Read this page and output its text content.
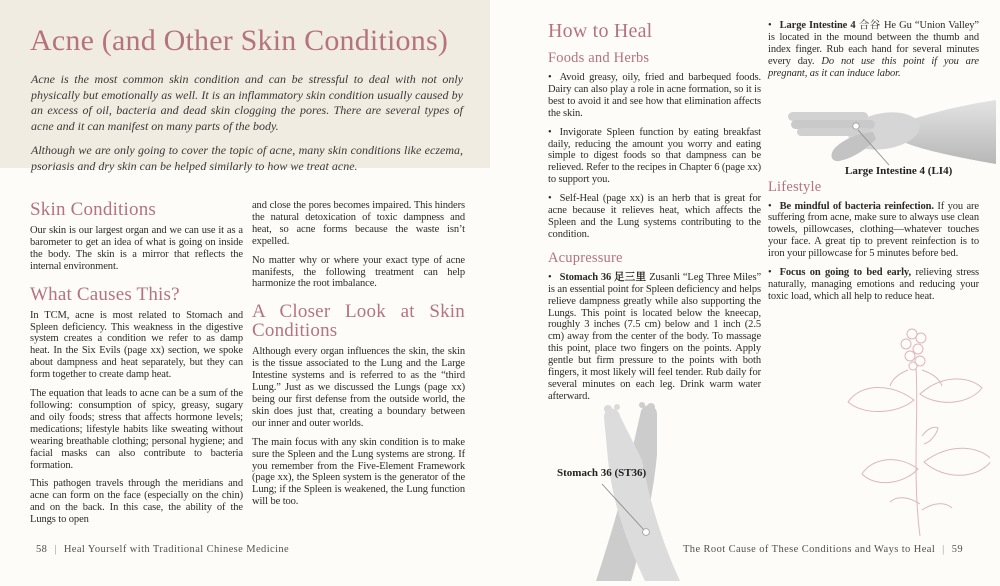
Acne (and Other Skin Conditions)

Acne is the most common skin condition and can be stressful to deal with not only physically but emotionally as well. It is an inflammatory skin condition usually caused by an excess of oil, bacteria and dead skin clogging the pores. There are several types of acne and it can manifest on many parts of the body.

Although we are only going to cover the topic of acne, many skin conditions like eczema, psoriasis and dry skin can be helped similarly to how we treat acne.

Skin Conditions

Our skin is our largest organ and we can use it as a barometer to get an idea of what is going on inside the body. The skin is a mirror that reflects the internal environment.

What Causes This?

In TCM, acne is most related to Stomach and Spleen deficiency. This weakness in the digestive system creates a condition we refer to as damp heat. In the Six Evils (page xx) section, we spoke about dampness and heat separately, but they can form together to create damp heat.

The equation that leads to acne can be a sum of the following: consumption of spicy, greasy, sugary and oily foods; stress that affects hormone levels; medications; lifestyle habits like sweating without wearing breathable clothing; personal hygiene; and facial masks can also contribute to bacteria formation.

This pathogen travels through the meridians and acne can form on the face (especially on the chin) and on the back. In this case, the ability of the Lungs to open

and close the pores becomes impaired. This hinders the natural detoxication of toxic dampness and heat, so acne forms because the waste isn’t expelled.

No matter why or where your exact type of acne manifests, the following treatment can help harmonize the root imbalance.

A Closer Look at Skin Conditions

Although every organ influences the skin, the skin is the tissue associated to the Lung and the Large Intestine systems and is referred to as the “third Lung.” Just as we discussed the Lungs (page xx) being our first defense from the outside world, the skin does just that, creating a boundary between our inner and outer worlds.

The main focus with any skin condition is to make sure the Spleen and the Lung systems are strong. If you remember from the Five-Element Framework (page xx), the Spleen system is the generator of the Lung; if the Spleen is weakened, the Lung function will be too.

58 | Heal Yourself with Traditional Chinese Medicine
How to Heal
Foods and Herbs

• Avoid greasy, oily, fried and barbequed foods. Dairy can also play a role in acne formation, so it is best to avoid it and see how that elimination affects the skin.

• Invigorate Spleen function by eating breakfast daily, reducing the amount you worry and eating simple to digest foods so that dampness can be relieved. Refer to the recipes in Chapter 6 (page xx) to support you.

• Self-Heal (page xx) is an herb that is great for acne because it relieves heat, which affects the Spleen and the Lung systems contributing to the condition.

Acupressure

• Stomach 36 足三里 Zusanli “Leg Three Miles” is an essential point for Spleen deficiency and helps relieve dampness greatly while also supporting the Lungs. This point is located below the kneecap, roughly 3 inches (7.5 cm) below and 1 inch (2.5 cm) away from the center of the body. To massage this point, place two fingers on the points. Apply gentle but firm pressure to the points with both fingers, it most likely will feel tender. Rub daily for several minutes on each leg. Drink warm water afterward.

• Large Intestine 4 合谷 He Gu “Union Valley” is located in the mound between the thumb and index finger. Rub each hand for several minutes every day. Do not use this point if you are pregnant, as it can induce labor.

Lifestyle

• Be mindful of bacteria reinfection. If you are suffering from acne, make sure to always use clean towels, pillowcases, clothing—whatever touches your face. A great tip to prevent reinfection is to iron your pillowcase for 5 minutes before bed.

• Focus on going to bed early, relieving stress naturally, managing emotions and reducing your toxic load, which all help to reduce heat.

Large Intestine 4 (LI4)
Stomach 36 (ST36)
The Root Cause of These Conditions and Ways to Heal | 59
